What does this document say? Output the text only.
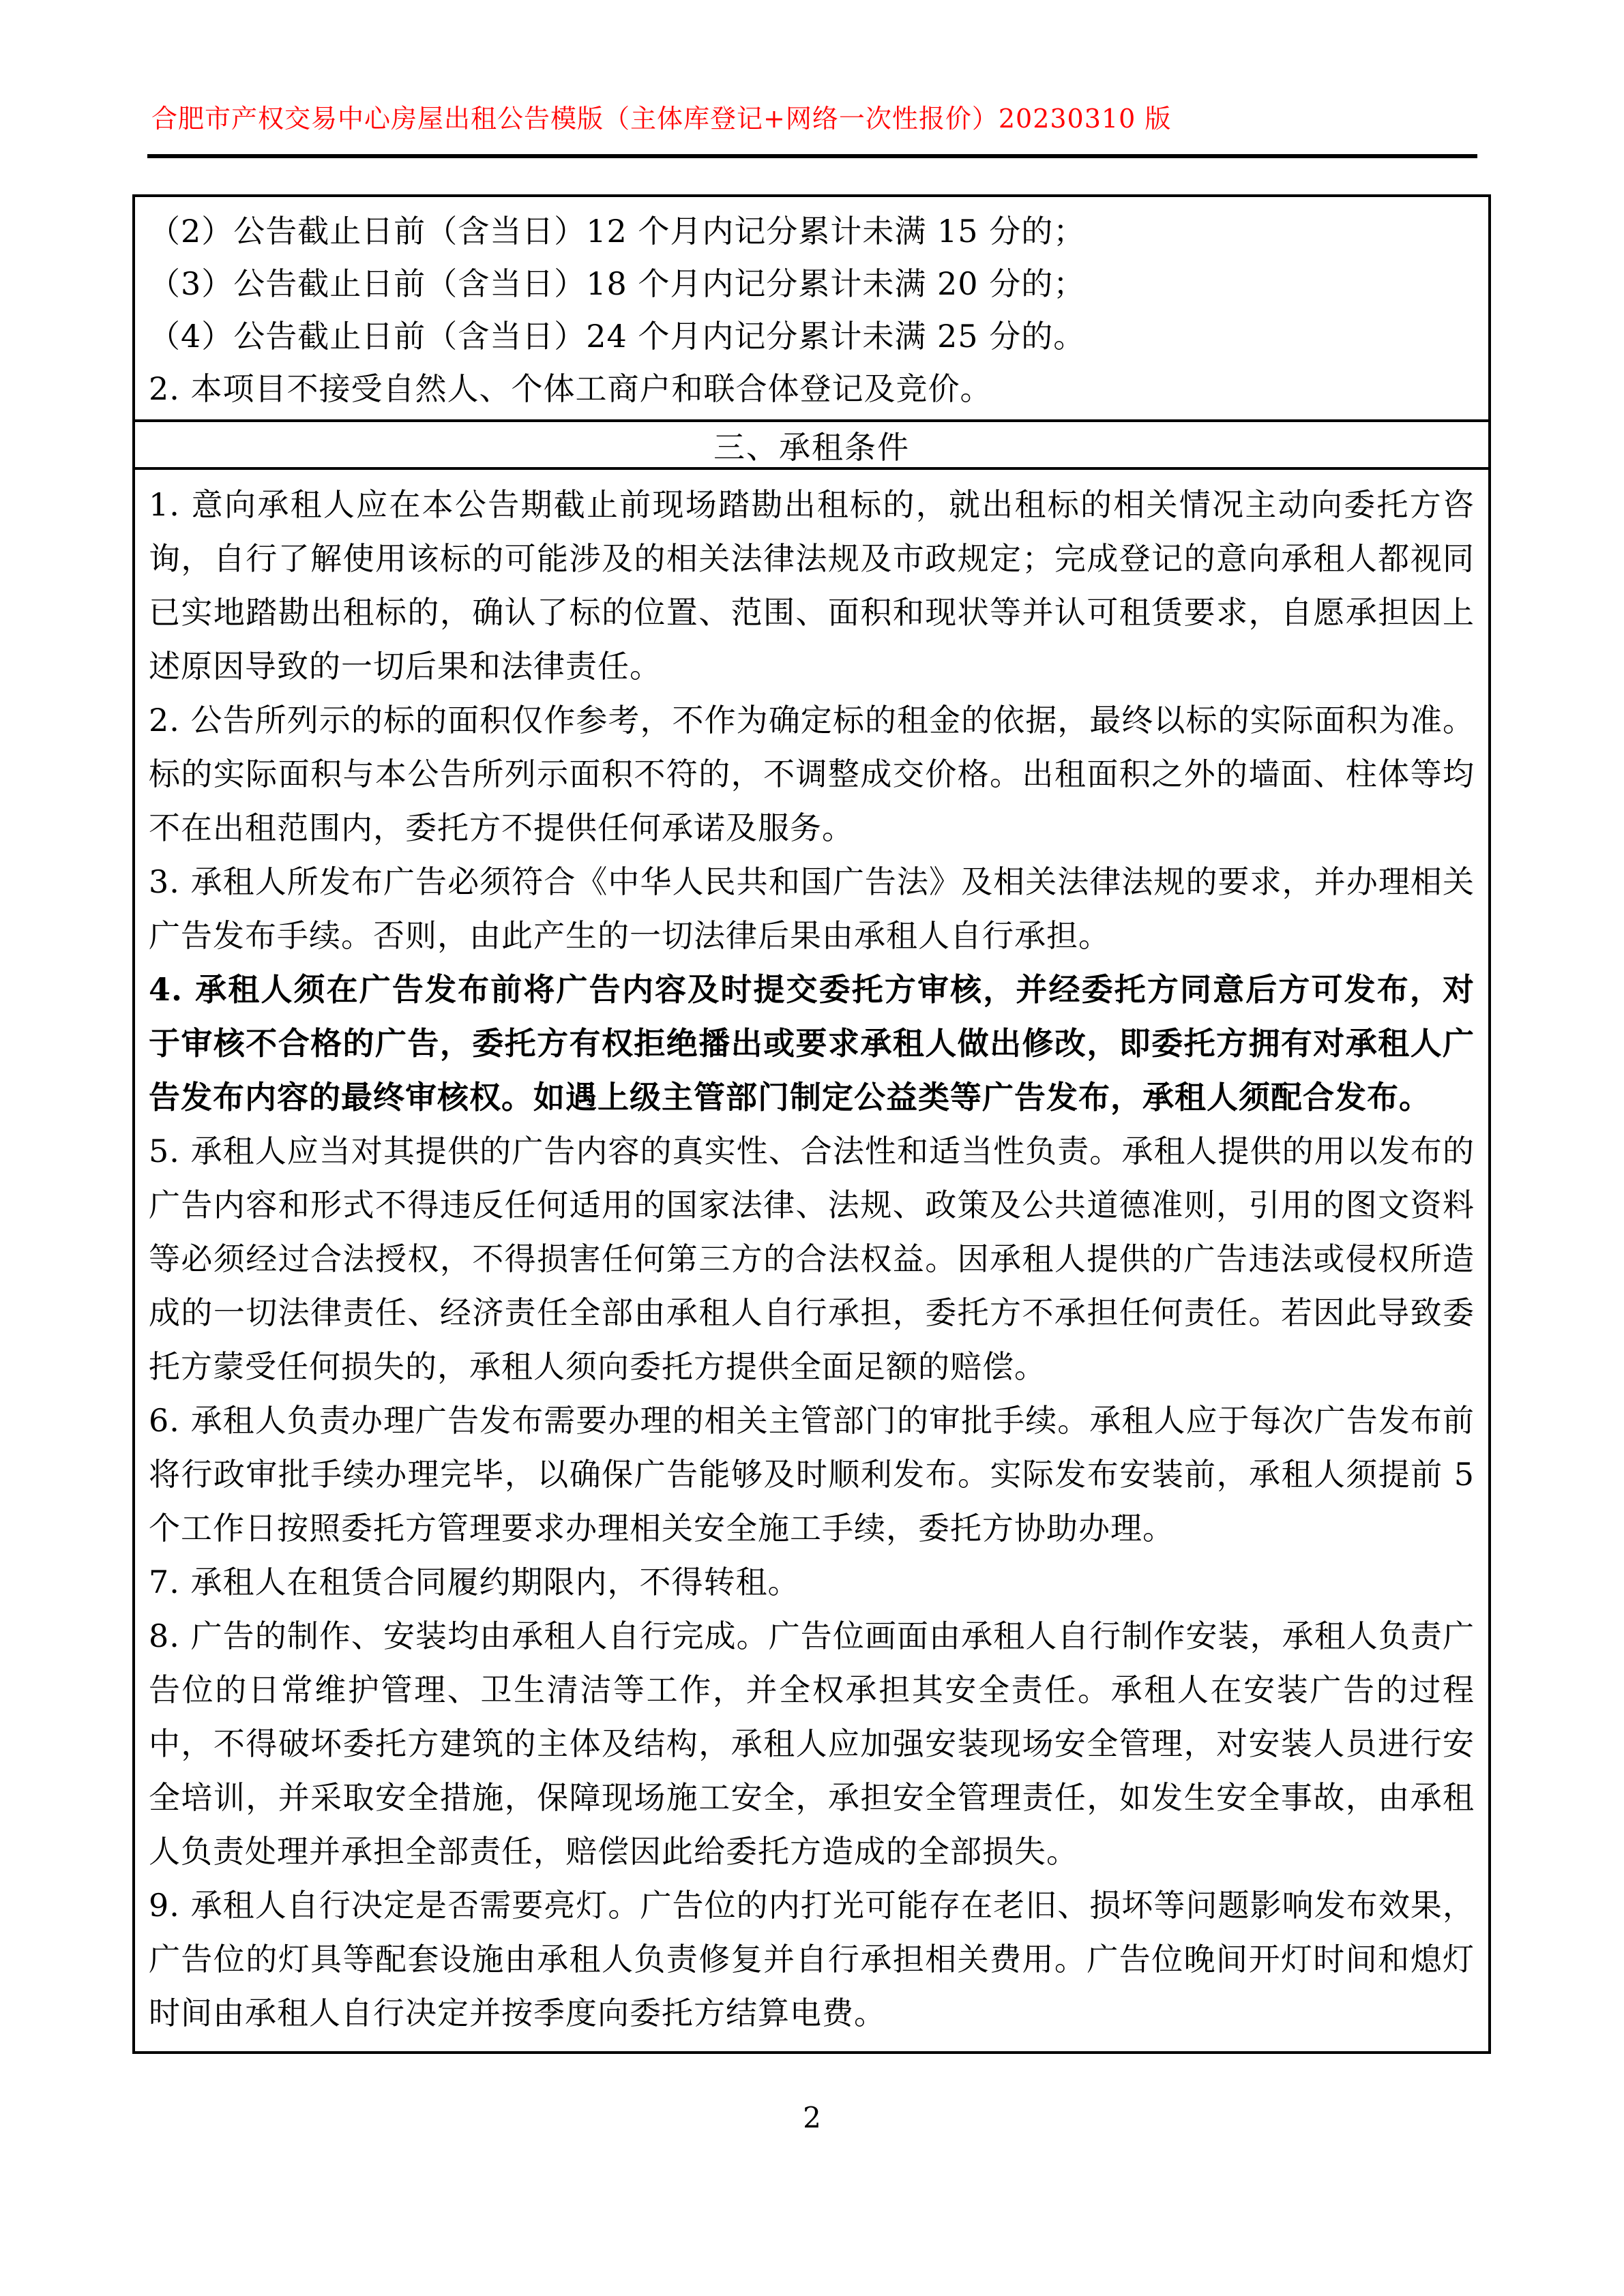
合肥市产权交易中心房屋出租公告模版（主体库登记+网络一次性报价）20230310 版

（2）公告截止日前（含当日）12 个月内记分累计未满 15 分的；

（3）公告截止日前（含当日）18 个月内记分累计未满 20 分的；

（4）公告截止日前（含当日）24 个月内记分累计未满 25 分的。

2. 本项目不接受自然人、个体工商户和联合体登记及竞价。

三、承租条件

1. 意向承租人应在本公告期截止前现场踏勘出租标的，就出租标的相关情况主动向委托方咨询，自行了解使用该标的可能涉及的相关法律法规及市政规定；完成登记的意向承租人都视同已实地踏勘出租标的，确认了标的位置、范围、面积和现状等并认可租赁要求，自愿承担因上述原因导致的一切后果和法律责任。

2. 公告所列示的标的面积仅作参考，不作为确定标的租金的依据，最终以标的实际面积为准。标的实际面积与本公告所列示面积不符的，不调整成交价格。出租面积之外的墙面、柱体等均不在出租范围内，委托方不提供任何承诺及服务。

3. 承租人所发布广告必须符合《中华人民共和国广告法》及相关法律法规的要求，并办理相关广告发布手续。否则，由此产生的一切法律后果由承租人自行承担。

4. 承租人须在广告发布前将广告内容及时提交委托方审核，并经委托方同意后方可发布，对于审核不合格的广告，委托方有权拒绝播出或要求承租人做出修改，即委托方拥有对承租人广告发布内容的最终审核权。如遇上级主管部门制定公益类等广告发布，承租人须配合发布。

5. 承租人应当对其提供的广告内容的真实性、合法性和适当性负责。承租人提供的用以发布的广告内容和形式不得违反任何适用的国家法律、法规、政策及公共道德准则，引用的图文资料等必须经过合法授权，不得损害任何第三方的合法权益。因承租人提供的广告违法或侵权所造成的一切法律责任、经济责任全部由承租人自行承担，委托方不承担任何责任。若因此导致委托方蒙受任何损失的，承租人须向委托方提供全面足额的赔偿。

6. 承租人负责办理广告发布需要办理的相关主管部门的审批手续。承租人应于每次广告发布前将行政审批手续办理完毕，以确保广告能够及时顺利发布。实际发布安装前，承租人须提前 5 个工作日按照委托方管理要求办理相关安全施工手续，委托方协助办理。

7. 承租人在租赁合同履约期限内，不得转租。

8. 广告的制作、安装均由承租人自行完成。广告位画面由承租人自行制作安装，承租人负责广告位的日常维护管理、卫生清洁等工作，并全权承担其安全责任。承租人在安装广告的过程中，不得破坏委托方建筑的主体及结构，承租人应加强安装现场安全管理，对安装人员进行安全培训，并采取安全措施，保障现场施工安全，承担安全管理责任，如发生安全事故，由承租人负责处理并承担全部责任，赔偿因此给委托方造成的全部损失。

9. 承租人自行决定是否需要亮灯。广告位的内打光可能存在老旧、损坏等问题影响发布效果，广告位的灯具等配套设施由承租人负责修复并自行承担相关费用。广告位晚间开灯时间和熄灯时间由承租人自行决定并按季度向委托方结算电费。

2
